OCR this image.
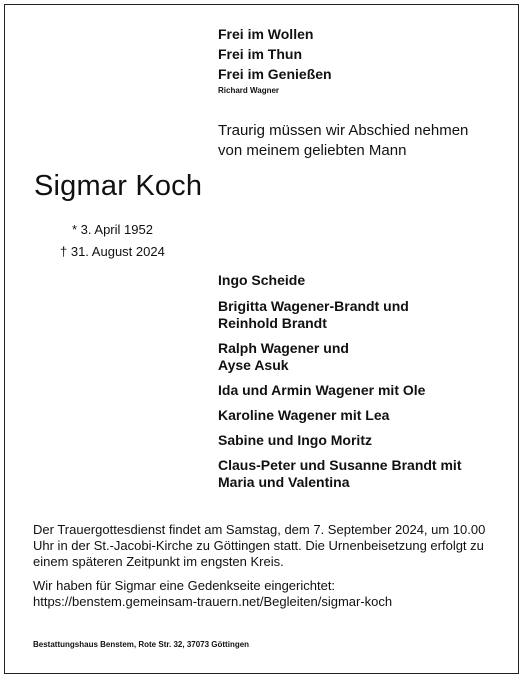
Frei im Wollen
Frei im Thun
Frei im Genießen
Richard Wagner
Traurig müssen wir Abschied nehmen
von meinem geliebten Mann
Sigmar Koch
* 3. April 1952
† 31. August 2024
Ingo Scheide
Brigitta Wagener-Brandt und
Reinhold Brandt
Ralph Wagener und
Ayse Asuk
Ida und Armin Wagener mit Ole
Karoline Wagener mit Lea
Sabine und Ingo Moritz
Claus-Peter und Susanne Brandt mit
Maria und Valentina

Der Trauergottesdienst findet am Samstag, dem 7. September 2024, um 10.00 Uhr in der St.-Jacobi-Kirche zu Göttingen statt. Die Urnenbeisetzung erfolgt zu einem späteren Zeitpunkt im engsten Kreis.

Wir haben für Sigmar eine Gedenkseite eingerichtet:
https://benstem.gemeinsam-trauern.net/Begleiten/sigmar-koch
Bestattungshaus Benstem, Rote Str. 32, 37073 Göttingen
